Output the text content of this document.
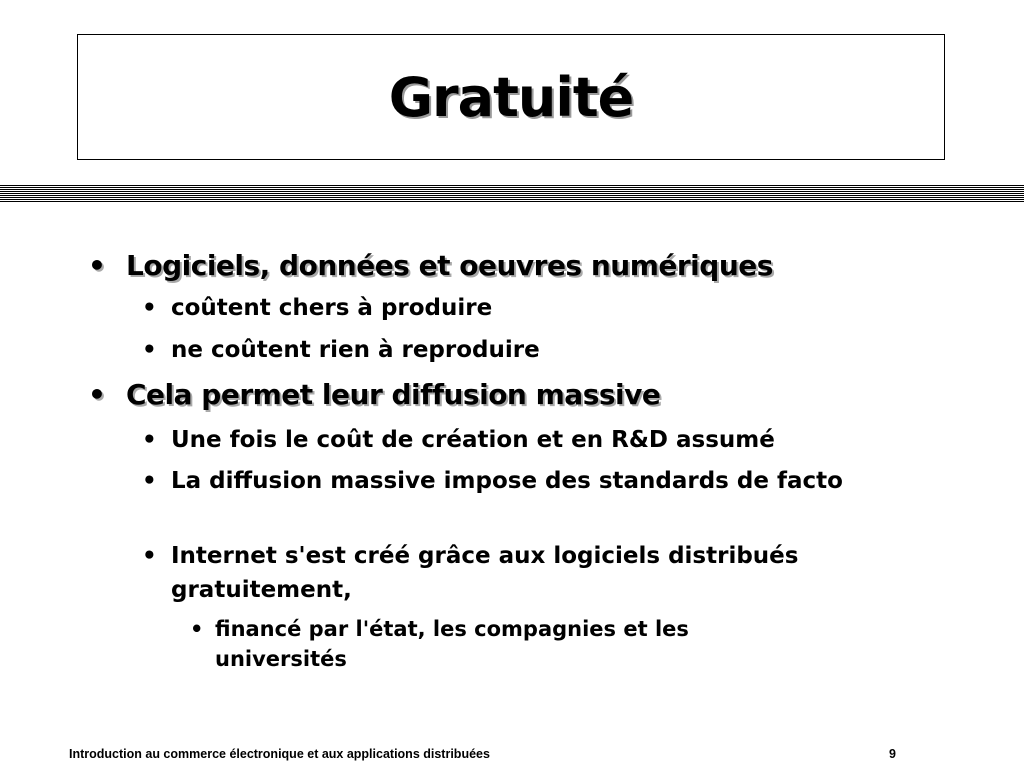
Gratuité
• Logiciels, données et oeuvres numériques
• coûtent chers à produire
• ne coûtent rien à reproduire
• Cela permet leur diffusion massive
• Une fois le coût de création et en R&D assumé
• La diffusion massive impose des standards de facto
• Internet s'est créé grâce aux logiciels distribués gratuitement,
• financé par l'état, les compagnies et les universités
Introduction au commerce électronique et aux applications distribuées	9
